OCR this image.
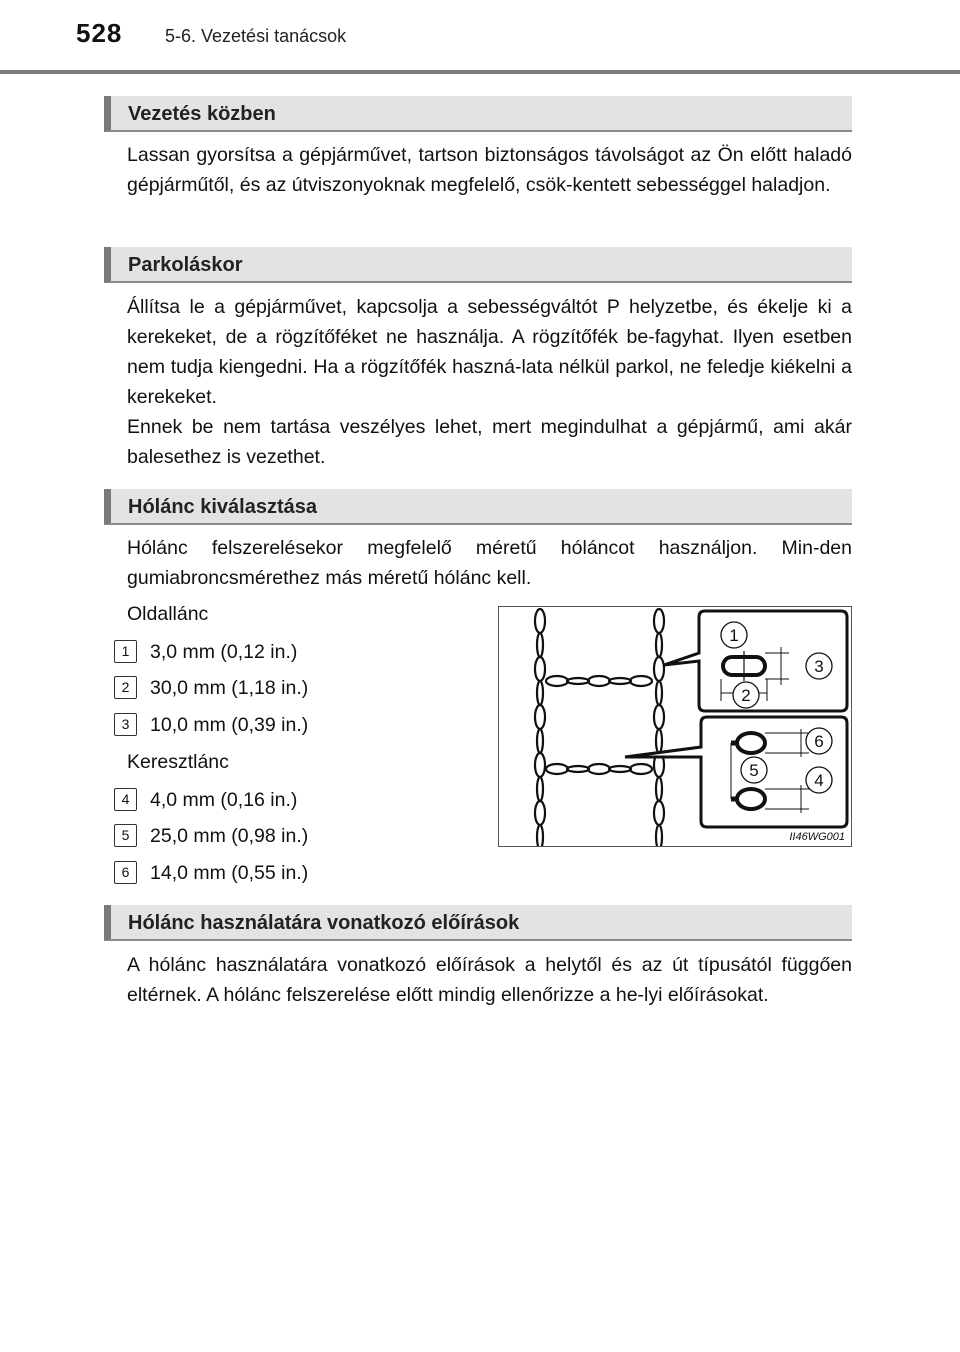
528 5-6. Vezetési tanácsok
Vezetés közben

Lassan gyorsítsa a gépjárművet, tartson biztonságos távolságot az Ön előtt haladó gépjárműtől, és az útviszonyoknak megfelelő, csök-kentett sebességgel haladjon.

Parkoláskor

Állítsa le a gépjárművet, kapcsolja a sebességváltót P helyzetbe, és ékelje ki a kerekeket, de a rögzítőféket ne használja. A rögzítőfék be-fagyhat. Ilyen esetben nem tudja kiengedni. Ha a rögzítőfék haszná-lata nélkül parkol, ne feledje kiékelni a kerekeket.

Ennek be nem tartása veszélyes lehet, mert megindulhat a gépjármű, ami akár balesethez is vezethet.

Hólánc kiválasztása

Hólánc felszerelésekor megfelelő méretű hóláncot használjon. Min-den gumiabroncsmérethez más méretű hólánc kell.

Oldallánc
1 3,0 mm (0,12 in.)
2 30,0 mm (1,18 in.)
3 10,0 mm (0,39 in.)
Keresztlánc
4 4,0 mm (0,16 in.)
5 25,0 mm (0,98 in.)
6 14,0 mm (0,55 in.)
1
2
3
4
5
6
II46WG001
Hólánc használatára vonatkozó előírások

A hólánc használatára vonatkozó előírások a helytől és az út típusától függően eltérnek. A hólánc felszerelése előtt mindig ellenőrizze a he-lyi előírásokat.
